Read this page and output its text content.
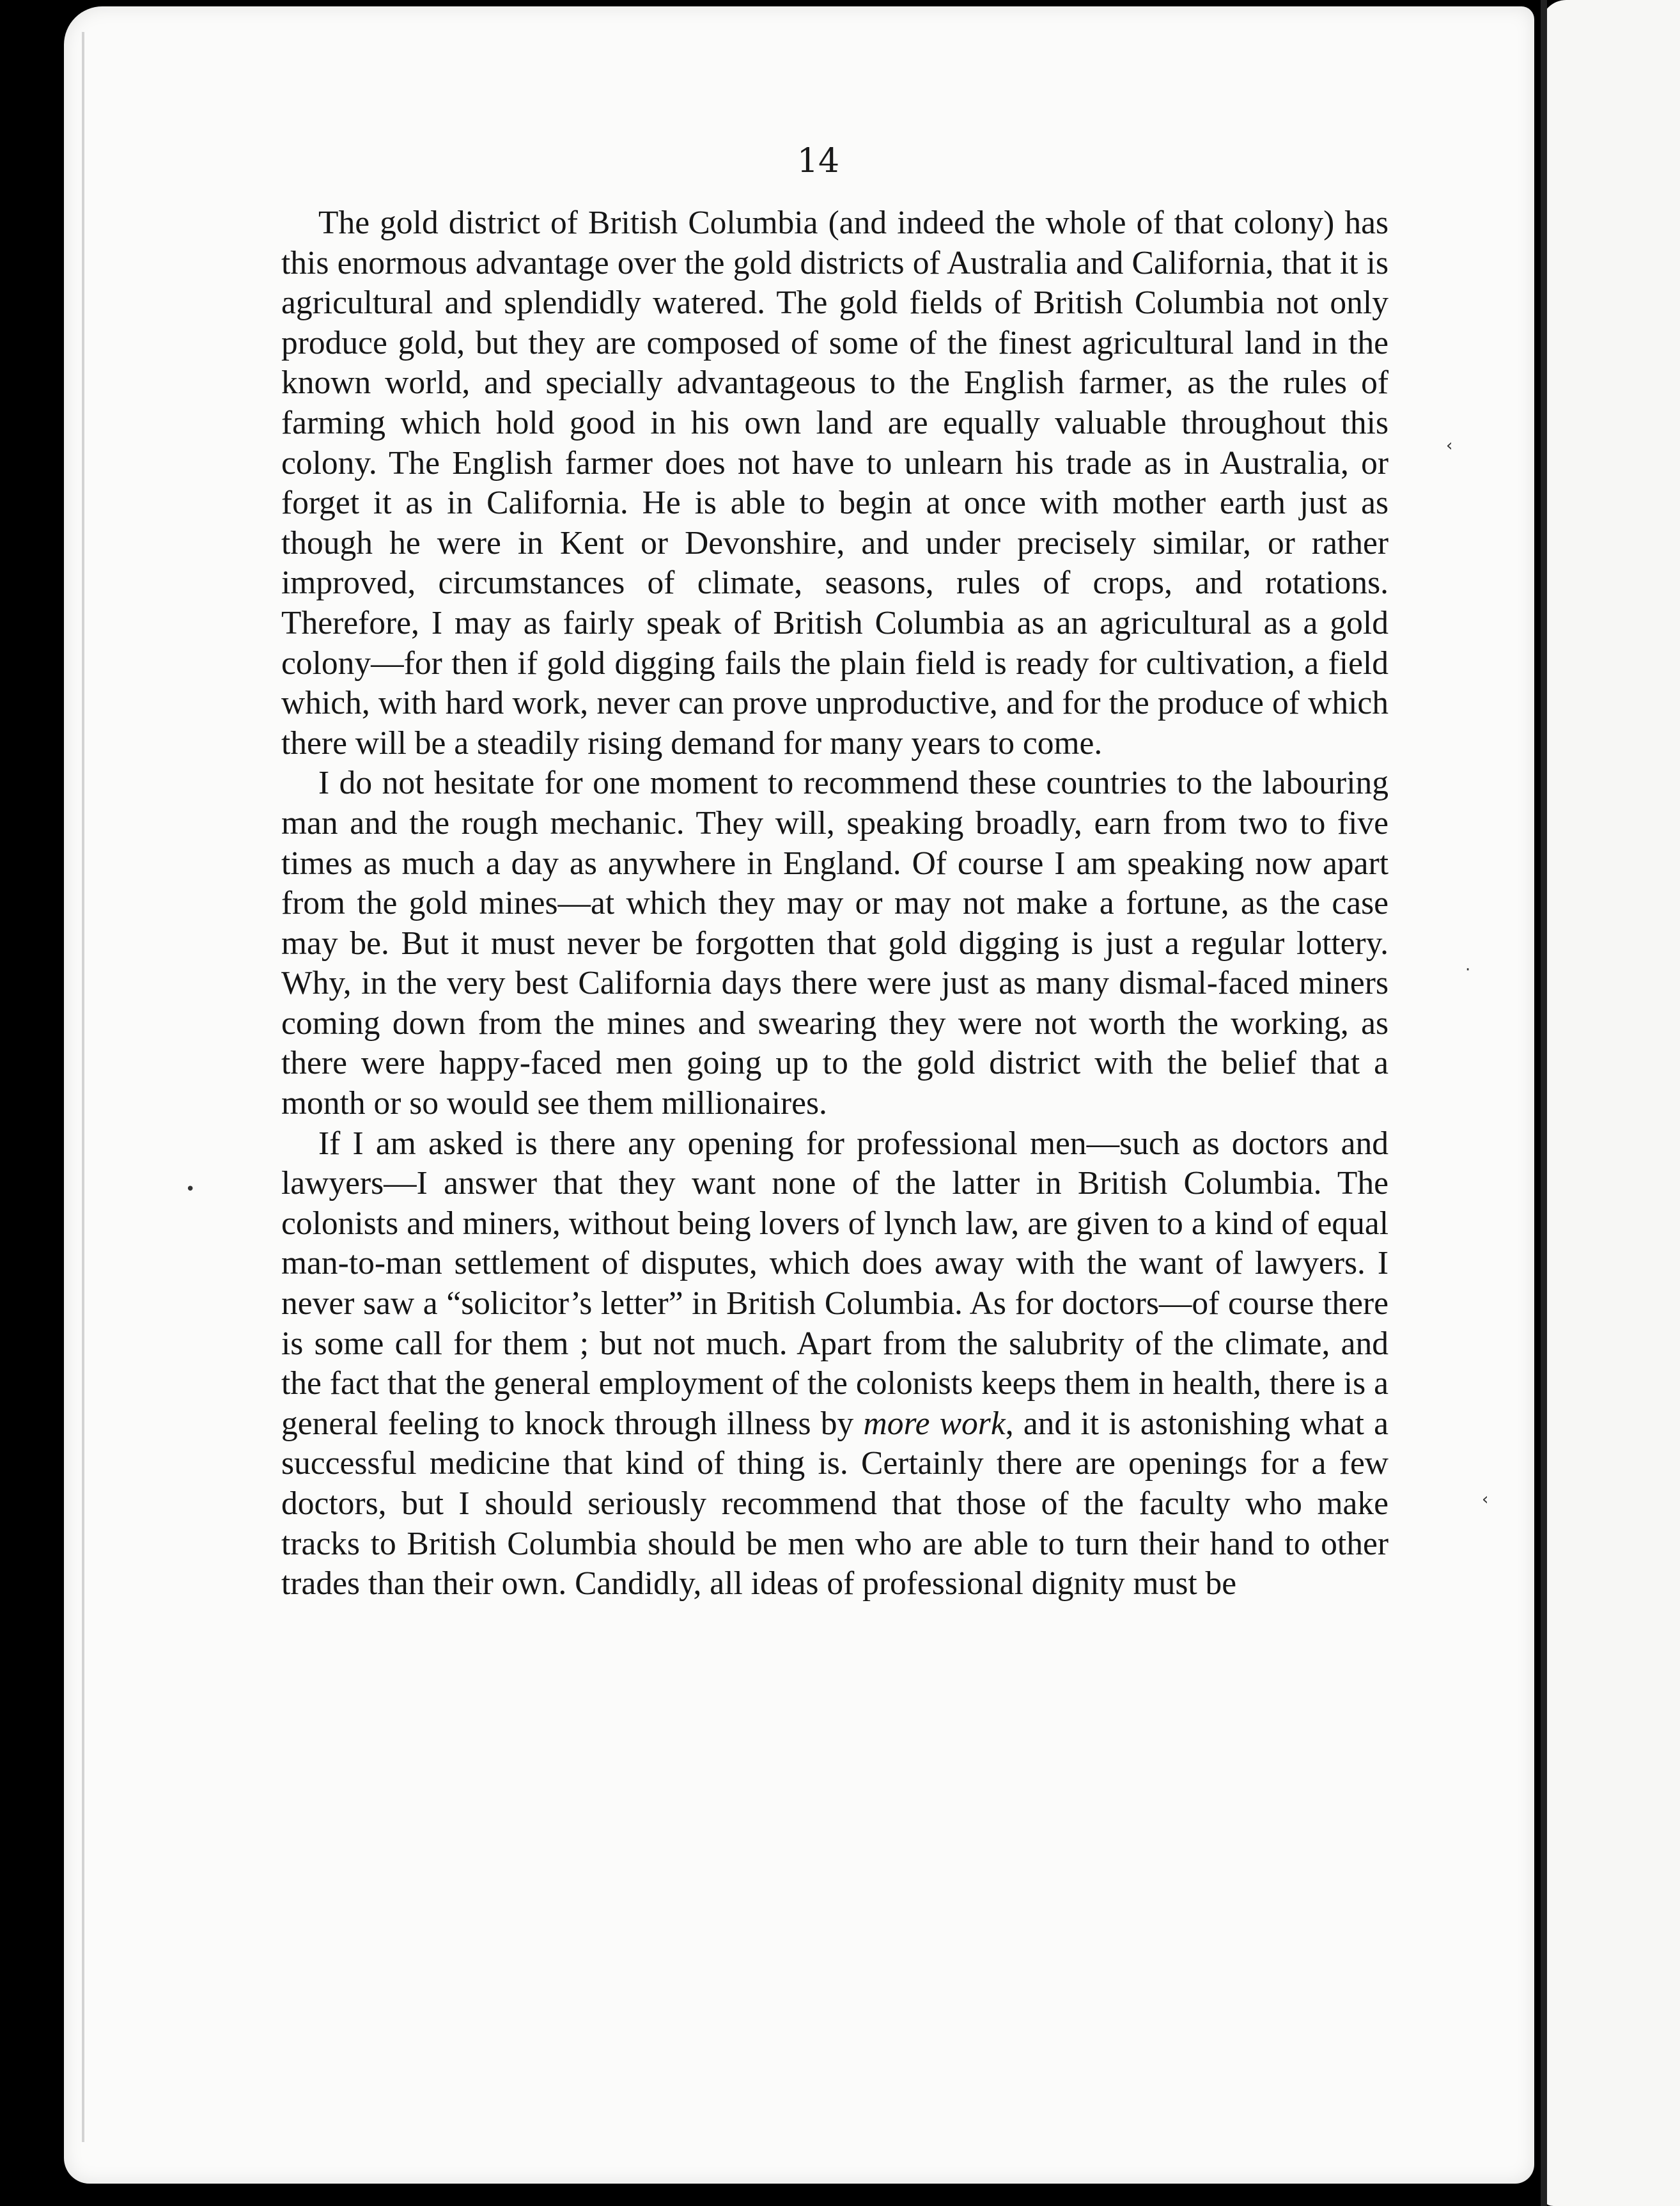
‹
·
‹
•
14

The gold district of British Columbia (and indeed the whole of that colony) has this enormous advantage over the gold districts of Australia and California, that it is agricultural and splendidly watered. The gold fields of British Columbia not only produce gold, but they are composed of some of the finest agricultural land in the known world, and specially advantageous to the English farmer, as the rules of farming which hold good in his own land are equally valuable throughout this colony. The English farmer does not have to unlearn his trade as in Australia, or forget it as in California. He is able to begin at once with mother earth just as though he were in Kent or Devonshire, and under precisely similar, or rather improved, circumstances of climate, seasons, rules of crops, and rotations. Therefore, I may as fairly speak of British Columbia as an agricultural as a gold colony—for then if gold digging fails the plain field is ready for cultivation, a field which, with hard work, never can prove unproductive, and for the produce of which there will be a steadily rising demand for many years to come.

I do not hesitate for one moment to recommend these countries to the labouring man and the rough mechanic. They will, speaking broadly, earn from two to five times as much a day as anywhere in England. Of course I am speaking now apart from the gold mines—at which they may or may not make a fortune, as the case may be. But it must never be forgotten that gold digging is just a regular lottery. Why, in the very best California days there were just as many dismal-faced miners coming down from the mines and swearing they were not worth the working, as there were happy-faced men going up to the gold district with the belief that a month or so would see them millionaires.

If I am asked is there any opening for professional men—such as doctors and lawyers—I answer that they want none of the latter in British Columbia. The colonists and miners, without being lovers of lynch law, are given to a kind of equal man-to-man settlement of disputes, which does away with the want of lawyers. I never saw a “solicitor’s letter” in British Columbia. As for doctors—of course there is some call for them ; but not much. Apart from the salubrity of the climate, and the fact that the general employment of the colonists keeps them in health, there is a general feeling to knock through illness by more work, and it is astonishing what a successful medicine that kind of thing is. Certainly there are openings for a few doctors, but I should seriously recommend that those of the faculty who make tracks to British Columbia should be men who are able to turn their hand to other trades than their own. Candidly, all ideas of professional dignity must be
